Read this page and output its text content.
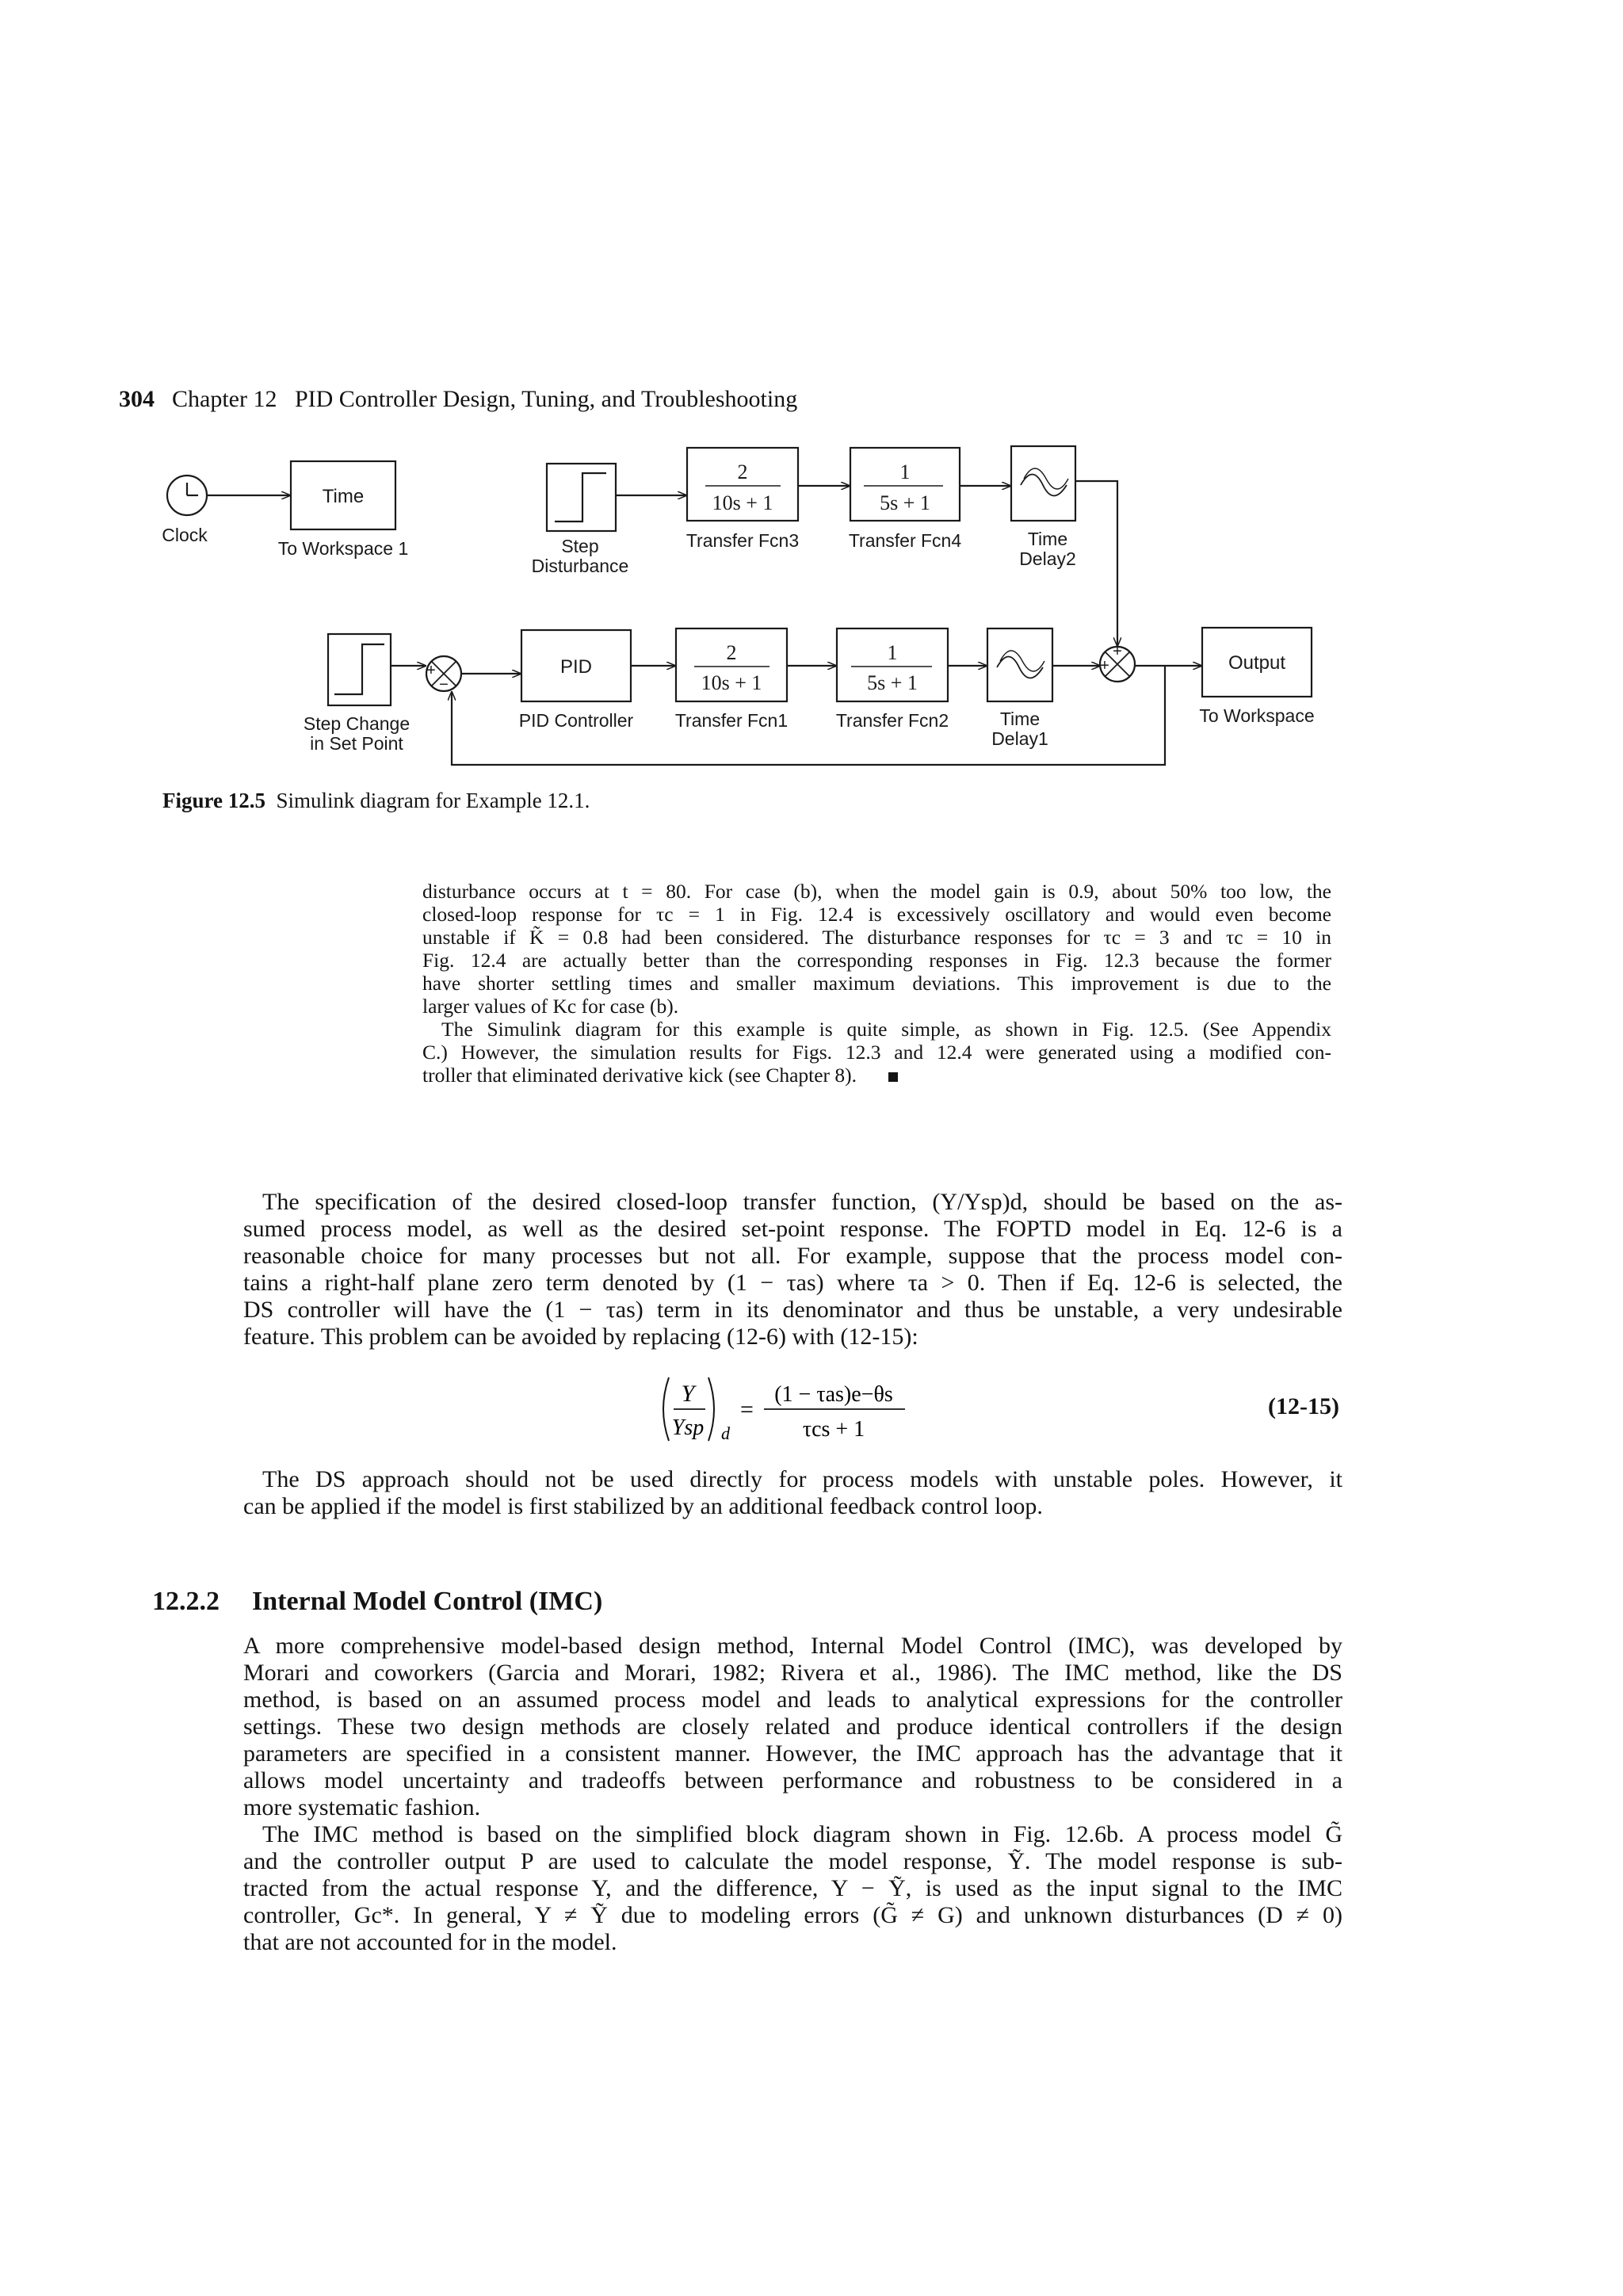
304 Chapter 12 PID Controller Design, Tuning, and Troubleshooting
+
−
+
+
Clock
Time
To Workspace 1	Step
Disturbance
2
10s + 1
Transfer Fcn3
1
5s + 1
Transfer Fcn4	Time
Delay2
Step Change
in Set Point
PID
PID Controller
2
10s + 1
Transfer Fcn1
1
5s + 1
Transfer Fcn2	Time
Delay1
Output
To Workspace
Figure 12.5 Simulink diagram for Example 12.1.
disturbance occurs at t = 80. For case (b), when the model gain is 0.9, about 50% too low, the
closed-loop response for τc = 1 in Fig. 12.4 is excessively oscillatory and would even become
unstable if K̃ = 0.8 had been considered. The disturbance responses for τc = 3 and τc = 10 in
Fig. 12.4 are actually better than the corresponding responses in Fig. 12.3 because the former
have shorter settling times and smaller maximum deviations. This improvement is due to the
larger values of Kc for case (b).
The Simulink diagram for this example is quite simple, as shown in Fig. 12.5. (See Appendix
C.) However, the simulation results for Figs. 12.3 and 12.4 were generated using a modified con-
troller that eliminated derivative kick (see Chapter 8).
The specification of the desired closed-loop transfer function, (Y/Ysp)d, should be based on the as-
sumed process model, as well as the desired set-point response. The FOPTD model in Eq. 12-6 is a
reasonable choice for many processes but not all. For example, suppose that the process model con-
tains a right-half plane zero term denoted by (1 − τas) where τa > 0. Then if Eq. 12-6 is selected, the
DS controller will have the (1 − τas) term in its denominator and thus be unstable, a very undesirable
feature. This problem can be avoided by replacing (12-6) with (12-15):
Y
Ysp d
=
(1 − τas)e−θs
τcs + 1
(12-15)
The DS approach should not be used directly for process models with unstable poles. However, it
can be applied if the model is first stabilized by an additional feedback control loop.
12.2.2 Internal Model Control (IMC)
A more comprehensive model-based design method, Internal Model Control (IMC), was developed by
Morari and coworkers (Garcia and Morari, 1982; Rivera et al., 1986). The IMC method, like the DS
method, is based on an assumed process model and leads to analytical expressions for the controller
settings. These two design methods are closely related and produce identical controllers if the design
parameters are specified in a consistent manner. However, the IMC approach has the advantage that it
allows model uncertainty and tradeoffs between performance and robustness to be considered in a
more systematic fashion.
The IMC method is based on the simplified block diagram shown in Fig. 12.6b. A process model G̃
and the controller output P are used to calculate the model response, Ỹ. The model response is sub-
tracted from the actual response Y, and the difference, Y − Ỹ, is used as the input signal to the IMC
controller, Gc*. In general, Y ≠ Ỹ due to modeling errors (G̃ ≠ G) and unknown disturbances (D ≠ 0)
that are not accounted for in the model.
